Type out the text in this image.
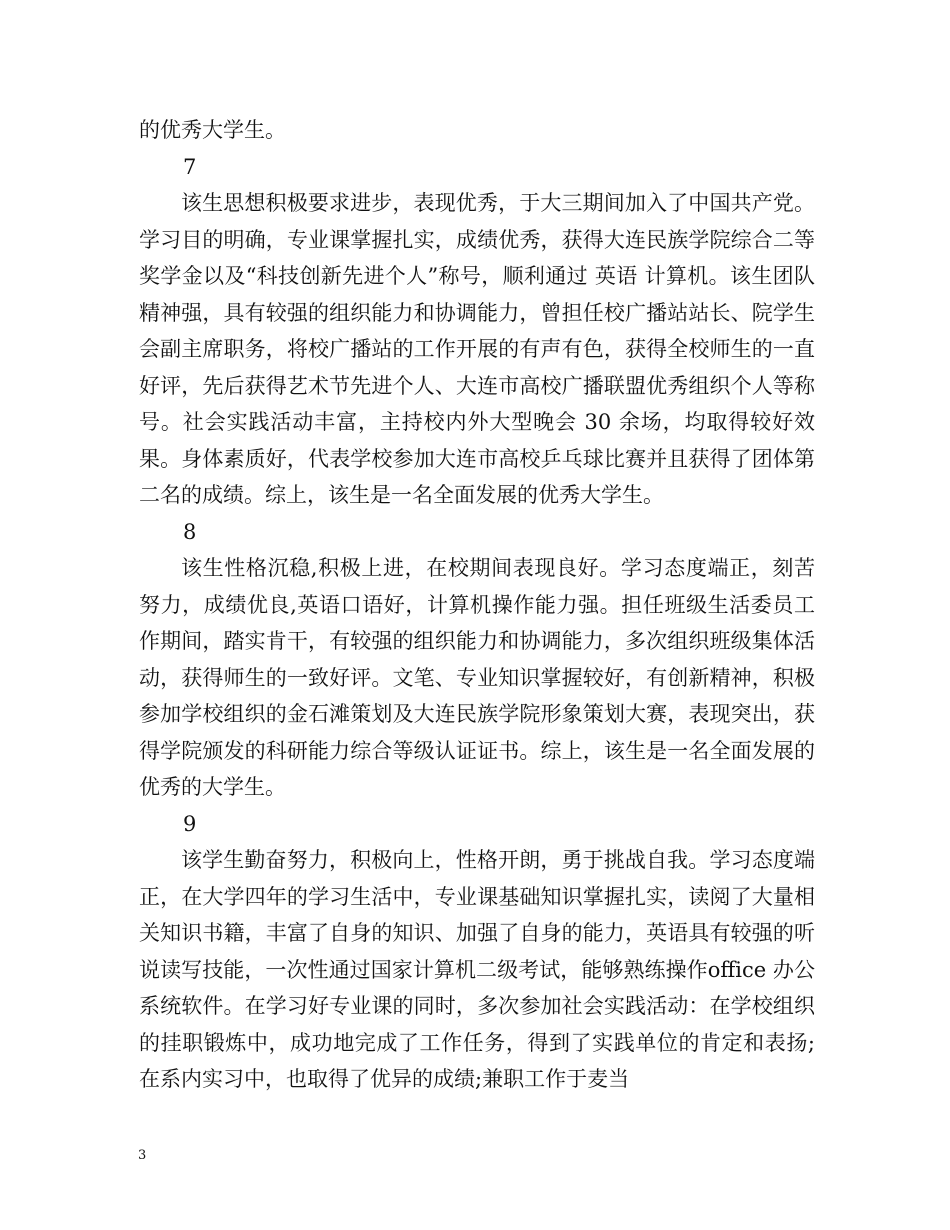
的优秀大学生。

7

该生思想积极要求进步，表现优秀，于大三期间加入了中国共产党。学习目的明确，专业课掌握扎实，成绩优秀，获得大连民族学院综合二等奖学金以及“科技创新先进个人”称号，顺利通过 英语 计算机。该生团队精神强，具有较强的组织能力和协调能力，曾担任校广播站站长、院学生会副主席职务，将校广播站的工作开展的有声有色，获得全校师生的一直好评，先后获得艺术节先进个人、大连市高校广播联盟优秀组织个人等称号。社会实践活动丰富，主持校内外大型晚会 30 余场，均取得较好效果。身体素质好，代表学校参加大连市高校乒乓球比赛并且获得了团体第二名的成绩。综上，该生是一名全面发展的优秀大学生。

8

该生性格沉稳,积极上进，在校期间表现良好。学习态度端正，刻苦努力，成绩优良,英语口语好，计算机操作能力强。担任班级生活委员工作期间，踏实肯干，有较强的组织能力和协调能力，多次组织班级集体活动，获得师生的一致好评。文笔、专业知识掌握较好，有创新精神，积极参加学校组织的金石滩策划及大连民族学院形象策划大赛，表现突出，获得学院颁发的科研能力综合等级认证证书。综上，该生是一名全面发展的优秀的大学生。

9

该学生勤奋努力，积极向上，性格开朗，勇于挑战自我。学习态度端正，在大学四年的学习生活中，专业课基础知识掌握扎实，读阅了大量相关知识书籍，丰富了自身的知识、加强了自身的能力，英语具有较强的听说读写技能，一次性通过国家计算机二级考试，能够熟练操作office 办公系统软件。在学习好专业课的同时，多次参加社会实践活动：在学校组织的挂职锻炼中，成功地完成了工作任务，得到了实践单位的肯定和表扬;在系内实习中，也取得了优异的成绩;兼职工作于麦当

3
